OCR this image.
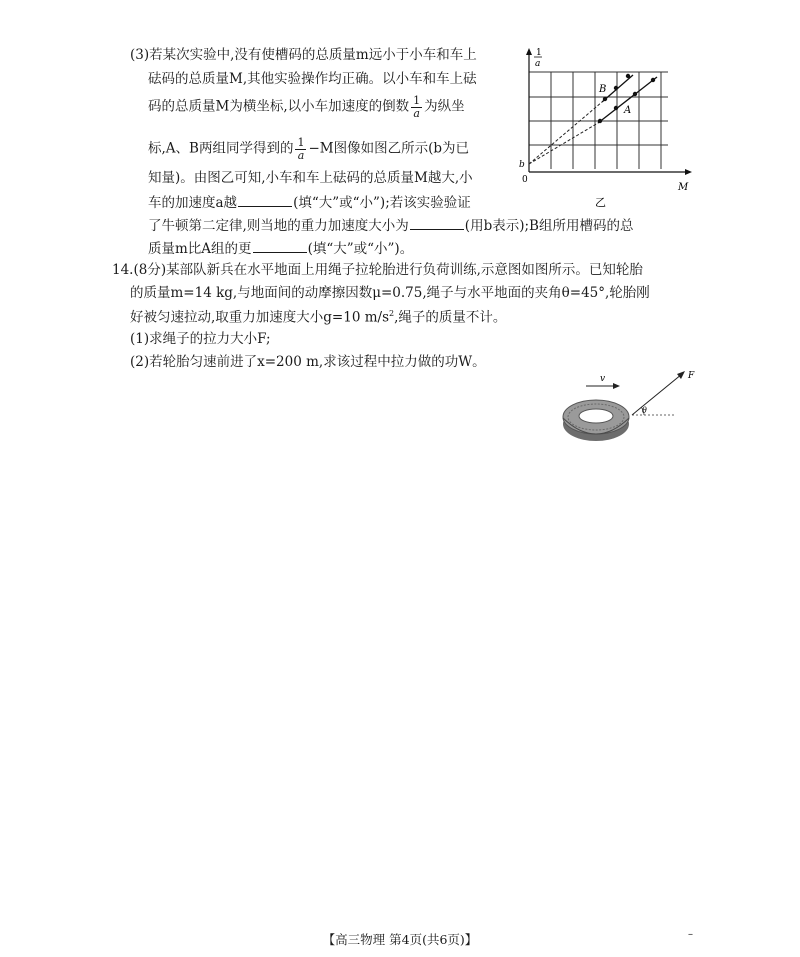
(3)若某次实验中,没有使槽码的总质量m远小于小车和车上
砝码的总质量M,其他实验操作均正确。以小车和车上砝
码的总质量M为横坐标,以小车加速度的倒数 $\frac{1}{a}$ 为纵坐
标,A、B两组同学得到的 $\frac{1}{a} -M$图像如图乙所示(b为已
知量)。由图乙可知,小车和车上砝码的总质量M越大,小
车的加速度a越	(填“大”或“小”);若该实验验证
了牛顿第二定律,则当地的重力加速度大小为	(用b表示);B组所用槽码的总
质量m比A组的更	(填“大”或“小”)。
1
a
b
0
B
A
M
乙
14.(8分)某部队新兵在水平地面上用绳子拉轮胎进行负荷训练,示意图如图所示。已知轮胎
的质量m=14 kg,与地面间的动摩擦因数μ=0.75,绳子与水平地面的夹角θ=45°,轮胎刚
好被匀速拉动,取重力加速度大小g=10 $m/s^2$,绳子的质量不计。
(1)求绳子的拉力大小F;
(2)若轮胎匀速前进了x=200 m,求该过程中拉力做的功W。
v	F
θ
【高三物理 第4页(共6页)】	–
